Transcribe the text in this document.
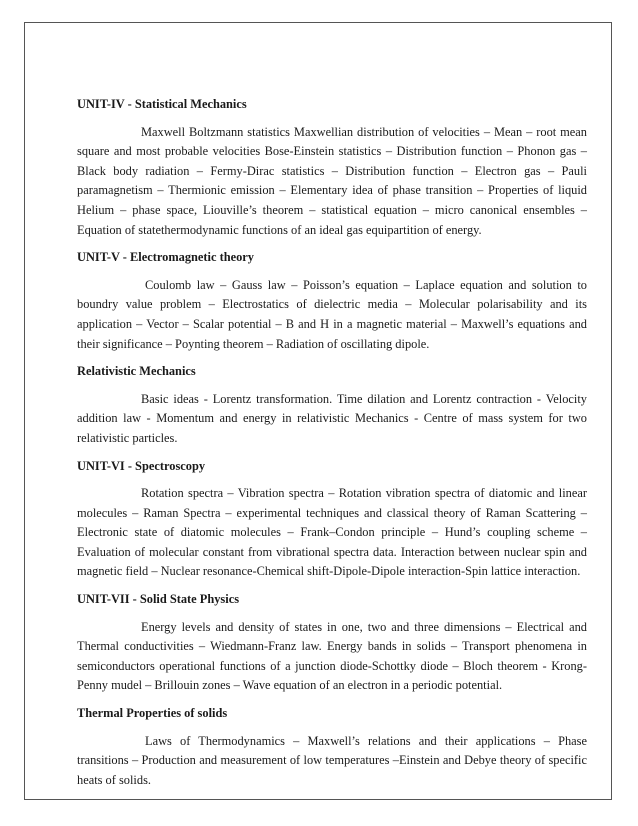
UNIT-IV - Statistical Mechanics

Maxwell Boltzmann statistics Maxwellian distribution of velocities – Mean – root mean square and most probable velocities Bose-Einstein statistics – Distribution function – Phonon gas – Black body radiation – Fermy-Dirac statistics – Distribution function – Electron gas – Pauli paramagnetism – Thermionic emission – Elementary idea of phase transition – Properties of liquid Helium – phase space, Liouville’s theorem – statistical equation – micro canonical ensembles – Equation of statethermodynamic functions of an ideal gas equipartition of energy.

UNIT-V - Electromagnetic theory

Coulomb law – Gauss law – Poisson’s equation – Laplace equation and solution to boundry value problem – Electrostatics of dielectric media – Molecular polarisability and its application – Vector – Scalar potential – B and H in a magnetic material – Maxwell’s equations and their significance – Poynting theorem – Radiation of oscillating dipole.

Relativistic Mechanics

Basic ideas - Lorentz transformation. Time dilation and Lorentz contraction - Velocity addition law - Momentum and energy in relativistic Mechanics - Centre of mass system for two relativistic particles.

UNIT-VI - Spectroscopy

Rotation spectra – Vibration spectra – Rotation vibration spectra of diatomic and linear molecules – Raman Spectra – experimental techniques and classical theory of Raman Scattering – Electronic state of diatomic molecules – Frank–Condon principle – Hund’s coupling scheme – Evaluation of molecular constant from vibrational spectra data. Interaction between nuclear spin and magnetic field – Nuclear resonance-Chemical shift-Dipole-Dipole interaction-Spin lattice interaction.

UNIT-VII - Solid State Physics

Energy levels and density of states in one, two and three dimensions – Electrical and Thermal conductivities – Wiedmann-Franz law. Energy bands in solids – Transport phenomena in semiconductors operational functions of a junction diode-Schottky diode – Bloch theorem - Krong-Penny mudel – Brillouin zones – Wave equation of an electron in a periodic potential.

Thermal Properties of solids

Laws of Thermodynamics – Maxwell’s relations and their applications – Phase transitions – Production and measurement of low temperatures –Einstein and Debye theory of specific heats of solids.
